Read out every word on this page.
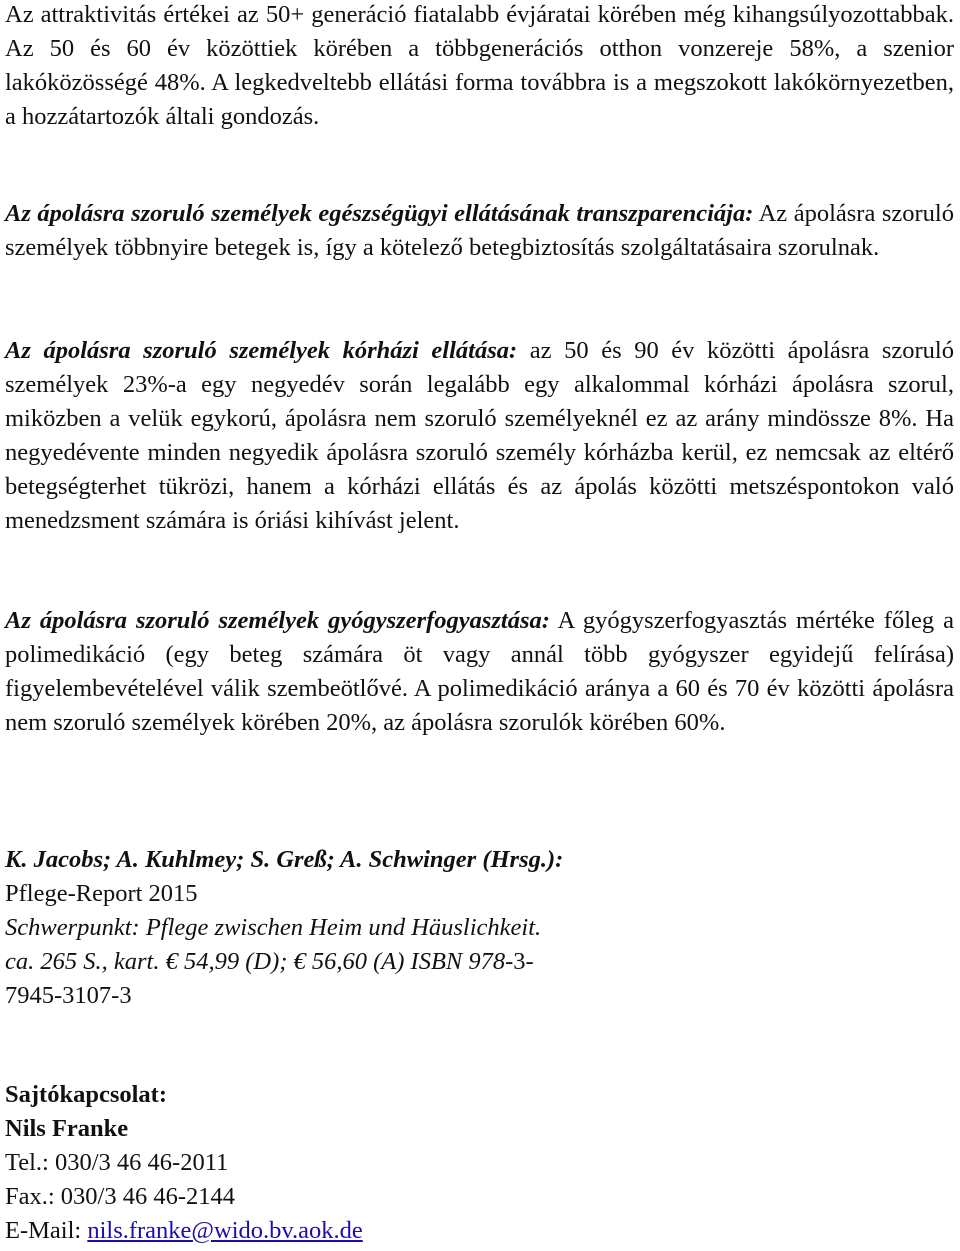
Az attraktivitás értékei az 50+ generáció fiatalabb évjáratai körében még kihangsúlyozottabbak. Az 50 és 60 év közöttiek körében a többgenerációs otthon vonzereje 58%, a szenior lakóközösségé 48%. A legkedveltebb ellátási forma továbbra is a megszokott lakókörnyezetben, a hozzátartozók általi gondozás.

Az ápolásra szoruló személyek egészségügyi ellátásának transzparenciája: Az ápolásra szoruló személyek többnyire betegek is, így a kötelező betegbiztosítás szolgáltatásaira szorulnak.

Az ápolásra szoruló személyek kórházi ellátása: az 50 és 90 év közötti ápolásra szoruló személyek 23%-a egy negyedév során legalább egy alkalommal kórházi ápolásra szorul, miközben a velük egykorú, ápolásra nem szoruló személyeknél ez az arány mindössze 8%. Ha negyedévente minden negyedik ápolásra szoruló személy kórházba kerül, ez nemcsak az eltérő betegségterhet tükrözi, hanem a kórházi ellátás és az ápolás közötti metszéspontokon való menedzsment számára is óriási kihívást jelent.

Az ápolásra szoruló személyek gyógyszerfogyasztása: A gyógyszerfogyasztás mértéke főleg a polimedikáció (egy beteg számára öt vagy annál több gyógyszer egyidejű felírása) figyelembevételével válik szembeötlővé. A polimedikáció aránya a 60 és 70 év közötti ápolásra nem szoruló személyek körében 20%, az ápolásra szorulók körében 60%.

K. Jacobs; A. Kuhlmey; S. Greß; A. Schwinger (Hrsg.):
Pflege-Report 2015
Schwerpunkt: Pflege zwischen Heim und Häuslichkeit.
ca. 265 S., kart. € 54,99 (D); € 56,60 (A) ISBN 978-3-
7945-3107-3
Sajtókapcsolat:
Nils Franke
Tel.: 030/3 46 46-2011
Fax.: 030/3 46 46-2144
E-Mail: nils.franke@wido.bv.aok.de
